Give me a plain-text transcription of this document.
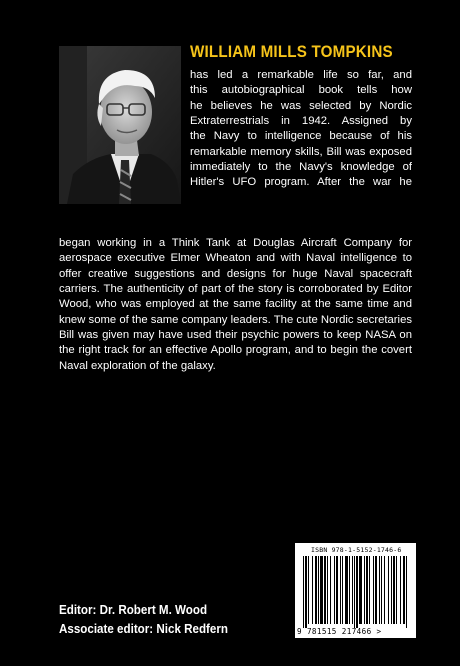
WILLIAM MILLS TOMPKINS
has led a remarkable life so far, and
this autobiographical book tells how
he believes he was selected by Nordic
Extraterrestrials in 1942. Assigned by
the Navy to intelligence because of his
remarkable memory skills, Bill was exposed
immediately to the Navy's knowledge of
Hitler's UFO program. After the war he
began working in a Think Tank at Douglas Aircraft Company for aerospace executive Elmer Wheaton and with Naval intelligence to offer creative suggestions and designs for huge Naval spacecraft carriers. The authenticity of part of the story is corroborated by Editor Wood, who was employed at the same facility at the same time and knew some of the same company leaders. The cute Nordic secretaries Bill was given may have used their psychic powers to keep NASA on the right track for an effective Apollo program, and to begin the covert Naval exploration of the galaxy.
Editor: Dr. Robert M. Wood
Associate editor: Nick Redfern
ISBN 978-1-5152-1746-6
9 781515 217466 >
